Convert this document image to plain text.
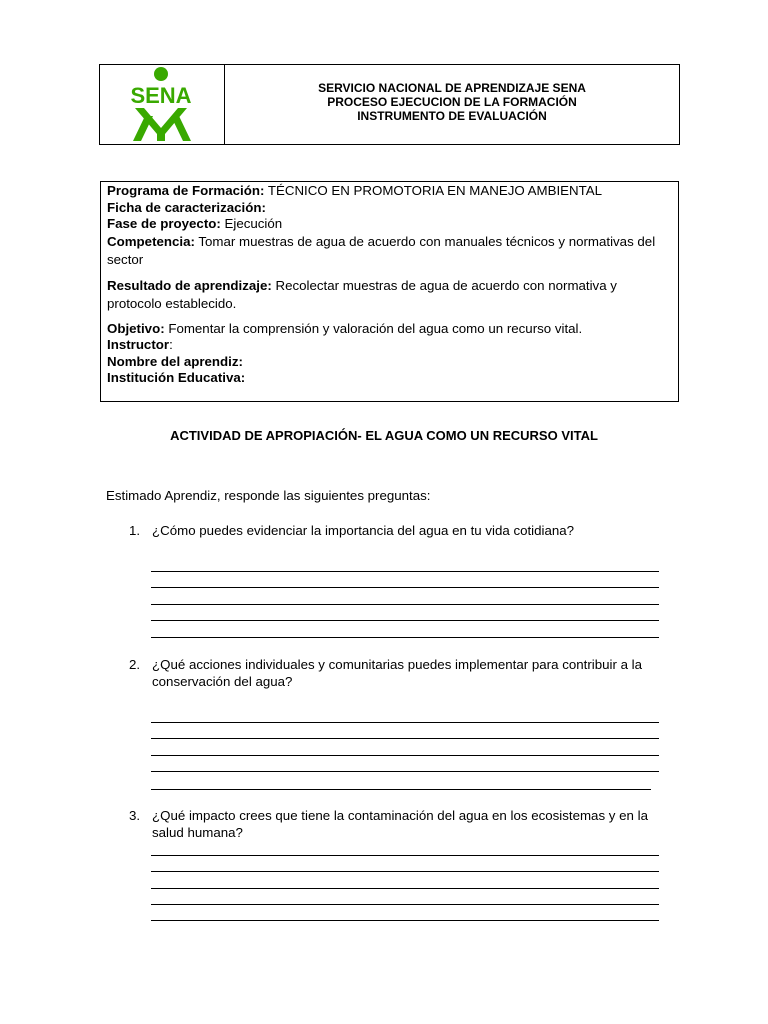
SENA	SERVICIO NACIONAL DE APRENDIZAJE SENA
PROCESO EJECUCION DE LA FORMACIÓN
INSTRUMENTO DE EVALUACIÓN
Programa de Formación: TÉCNICO EN PROMOTORIA EN MANEJO AMBIENTAL
Ficha de caracterización:
Fase de proyecto: Ejecución
Competencia: Tomar muestras de agua de acuerdo con manuales técnicos y normativas del sector
Resultado de aprendizaje: Recolectar muestras de agua de acuerdo con normativa y protocolo establecido.
Objetivo: Fomentar la comprensión y valoración del agua como un recurso vital.
Instructor:
Nombre del aprendiz:
Institución Educativa:
ACTIVIDAD DE APROPIACIÓN- EL AGUA COMO UN RECURSO VITAL
Estimado Aprendiz, responde las siguientes preguntas:
1. ¿Cómo puedes evidenciar la importancia del agua en tu vida cotidiana?
2. ¿Qué acciones individuales y comunitarias puedes implementar para contribuir a la conservación del agua?
3. ¿Qué impacto crees que tiene la contaminación del agua en los ecosistemas y en la salud humana?
